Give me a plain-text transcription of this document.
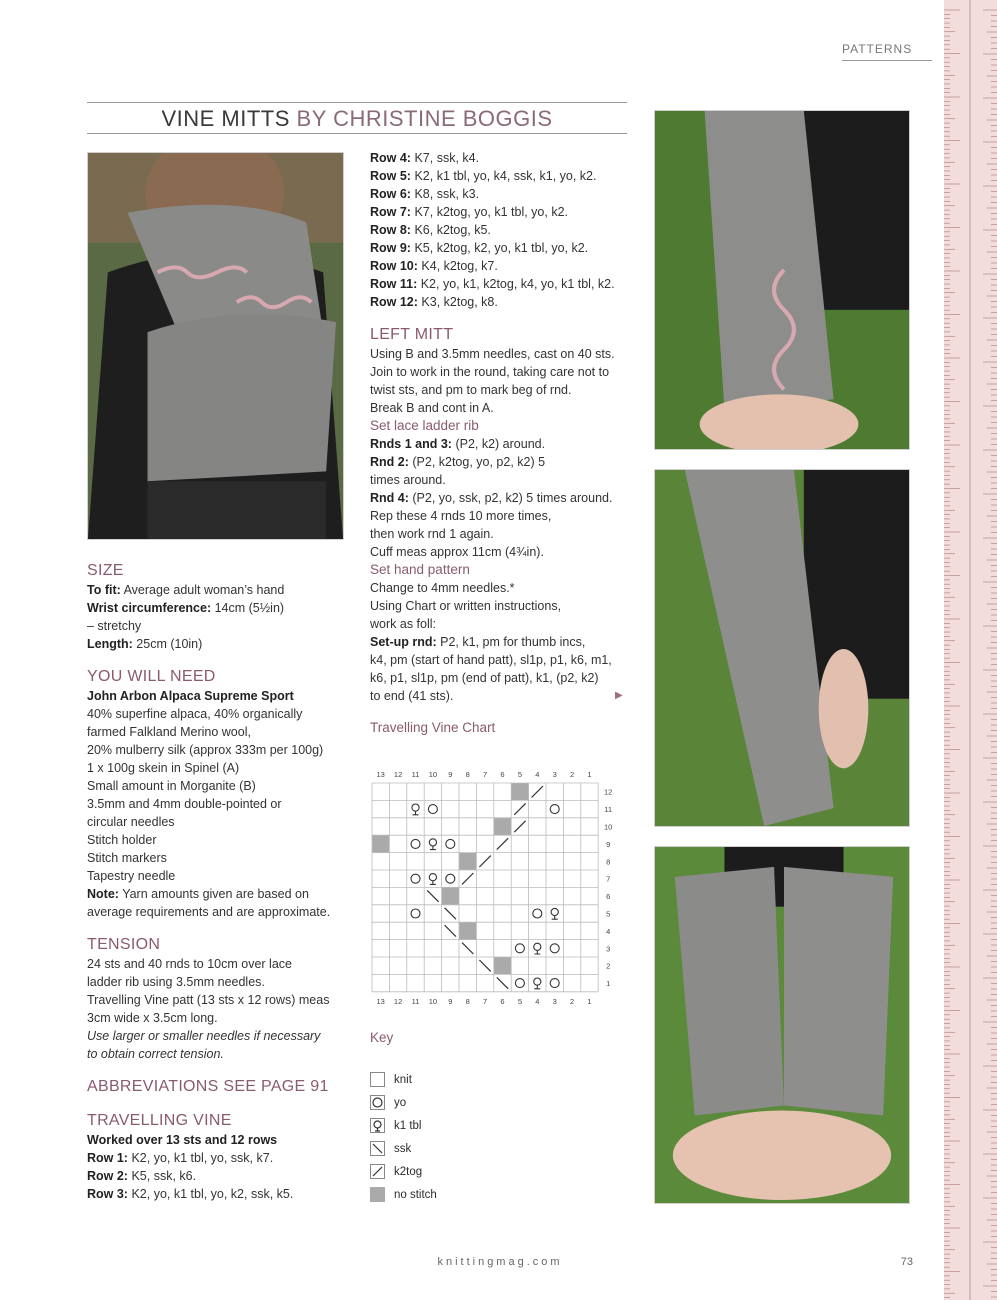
PATTERNS
VINE MITTS BY CHRISTINE BOGGIS

SIZE

To fit: Average adult woman’s hand

Wrist circumference: 14cm (5½in)

– stretchy

Length: 25cm (10in)

YOU WILL NEED

John Arbon Alpaca Supreme Sport

40% superfine alpaca, 40% organically

farmed Falkland Merino wool,

20% mulberry silk (approx 333m per 100g)

1 x 100g skein in Spinel (A)

Small amount in Morganite (B)

3.5mm and 4mm double-pointed or

circular needles

Stitch holder

Stitch markers

Tapestry needle

Note: Yarn amounts given are based on

average requirements and are approximate.

TENSION

24 sts and 40 rnds to 10cm over lace

ladder rib using 3.5mm needles.

Travelling Vine patt (13 sts x 12 rows) meas

3cm wide x 3.5cm long.

Use larger or smaller needles if necessary

to obtain correct tension.

ABBREVIATIONS SEE PAGE 91

TRAVELLING VINE

Worked over 13 sts and 12 rows

Row 1: K2, yo, k1 tbl, yo, ssk, k7.

Row 2: K5, ssk, k6.

Row 3: K2, yo, k1 tbl, yo, k2, ssk, k5.

Row 4: K7, ssk, k4.

Row 5: K2, k1 tbl, yo, k4, ssk, k1, yo, k2.

Row 6: K8, ssk, k3.

Row 7: K7, k2tog, yo, k1 tbl, yo, k2.

Row 8: K6, k2tog, k5.

Row 9: K5, k2tog, k2, yo, k1 tbl, yo, k2.

Row 10: K4, k2tog, k7.

Row 11: K2, yo, k1, k2tog, k4, yo, k1 tbl, k2.

Row 12: K3, k2tog, k8.

LEFT MITT

Using B and 3.5mm needles, cast on 40 sts.

Join to work in the round, taking care not to

twist sts, and pm to mark beg of rnd.

Break B and cont in A.

Set lace ladder rib

Rnds 1 and 3: (P2, k2) around.

Rnd 2: (P2, k2tog, yo, p2, k2) 5

times around.

Rnd 4: (P2, yo, ssk, p2, k2) 5 times around.

Rep these 4 rnds 10 more times,

then work rnd 1 again.

Cuff meas approx 11cm (4¾in).

Set hand pattern

Change to 4mm needles.*

Using Chart or written instructions,

work as foll:

Set-up rnd: P2, k1, pm for thumb incs,

k4, pm (start of hand patt), sl1p, p1, k6, m1,

k6, p1, sl1p, pm (end of patt), k1, (p2, k2)

to end (41 sts).	▶

Travelling Vine Chart

13
13
12
12
11
11
10
10
9
9
8
8
7
7
6
6
5
5
4
4
3
3
2
2
1
1
12
11
10
9
8
7
6
5
4
3
2
1

Key

knit
yo
k1 tbl
ssk
k2tog
no stitch
knittingmag.com	73
